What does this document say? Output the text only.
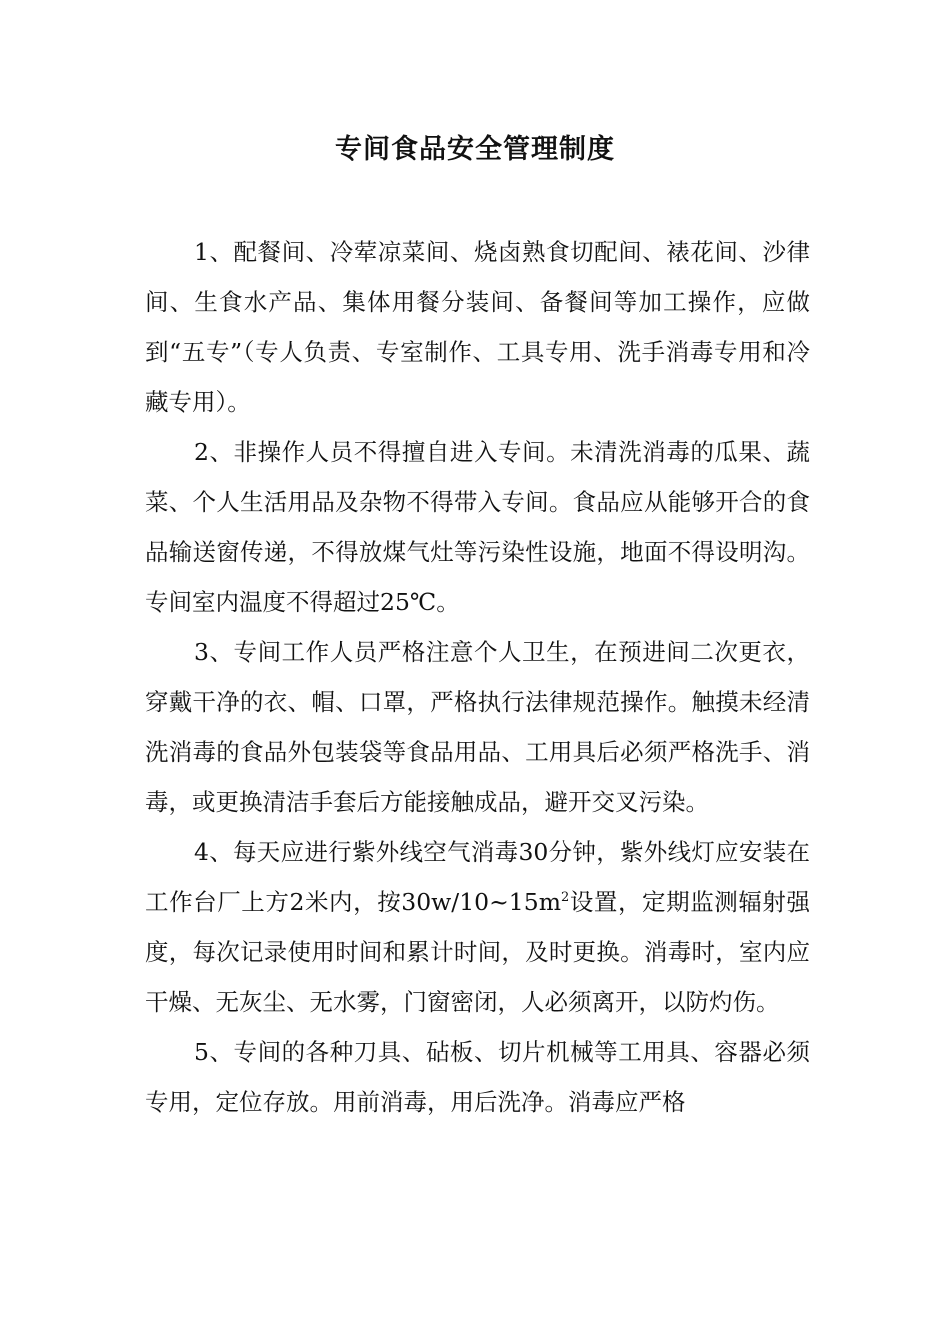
专间食品安全管理制度

1、配餐间、冷荤凉菜间、烧卤熟食切配间、裱花间、沙律间、生食水产品、集体用餐分装间、备餐间等加工操作，应做到“五专”（专人负责、专室制作、工具专用、洗手消毒专用和冷藏专用）。

2、非操作人员不得擅自进入专间。未清洗消毒的瓜果、蔬菜、个人生活用品及杂物不得带入专间。食品应从能够开合的食品输送窗传递，不得放煤气灶等污染性设施，地面不得设明沟。专间室内温度不得超过25℃。

3、专间工作人员严格注意个人卫生，在预进间二次更衣，穿戴干净的衣、帽、口罩，严格执行法律规范操作。触摸未经清洗消毒的食品外包装袋等食品用品、工用具后必须严格洗手、消毒，或更换清洁手套后方能接触成品，避开交叉污染。

4、每天应进行紫外线空气消毒30分钟，紫外线灯应安装在工作台厂上方2米内，按$30w/10\sim 15m^2$设置，定期监测辐射强度，每次记录使用时间和累计时间，及时更换。消毒时，室内应干燥、无灰尘、无水雾，门窗密闭，人必须离开，以防灼伤。

5、专间的各种刀具、砧板、切片机械等工用具、容器必须专用，定位存放。用前消毒，用后洗净。消毒应严格
